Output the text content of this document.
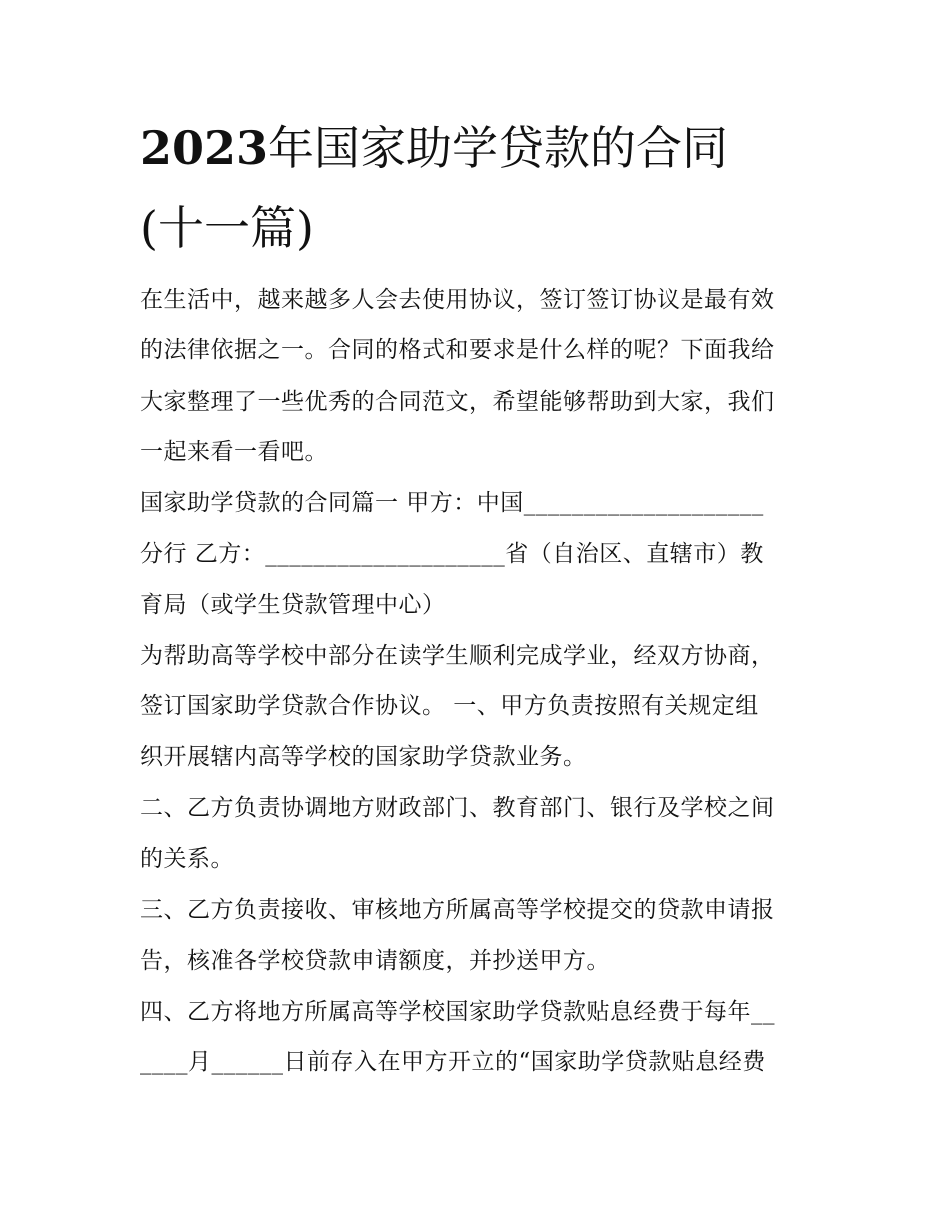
2023年国家助学贷款的合同
(十一篇)
在生活中，越来越多人会去使用协议，签订签订协议是最有效
的法律依据之一。合同的格式和要求是什么样的呢？下面我给
大家整理了一些优秀的合同范文，希望能够帮助到大家，我们
一起来看一看吧。
国家助学贷款的合同篇一 甲方：中国____________________
分行 乙方：____________________省（自治区、直辖市）教
育局（或学生贷款管理中心）
为帮助高等学校中部分在读学生顺利完成学业，经双方协商，
签订国家助学贷款合作协议。 一、甲方负责按照有关规定组
织开展辖内高等学校的国家助学贷款业务。
二、乙方负责协调地方财政部门、教育部门、银行及学校之间
的关系。
三、乙方负责接收、审核地方所属高等学校提交的贷款申请报
告，核准各学校贷款申请额度，并抄送甲方。
四、乙方将地方所属高等学校国家助学贷款贴息经费于每年__
____月______日前存入在甲方开立的“国家助学贷款贴息经费
